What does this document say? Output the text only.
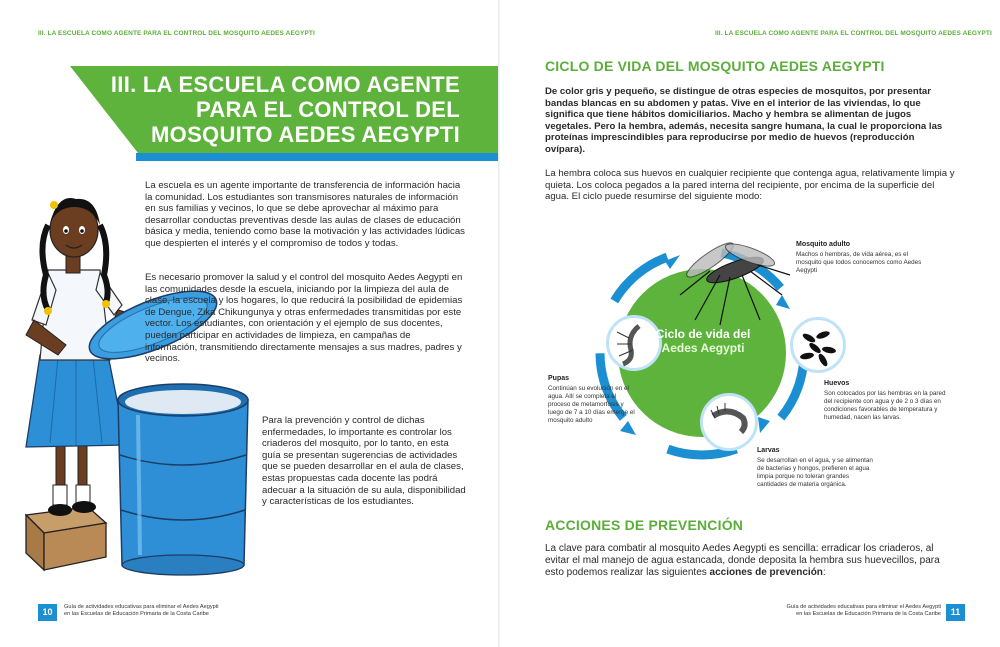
III. LA ESCUELA COMO AGENTE PARA EL CONTROL DEL MOSQUITO AEDES AEGYPTI
III. LA ESCUELA COMO AGENTE
PARA EL CONTROL DEL
MOSQUITO AEDES AEGYPTI
La escuela es un agente importante de transferencia de información hacia la comunidad. Los estudiantes son transmisores naturales de información en sus familias y vecinos, lo que se debe aprovechar al máximo para desarrollar conductas preventivas desde las aulas de clases de educación básica y media, teniendo como base la motivación y las actividades lúdicas que despierten el interés y el compromiso de todos y todas.
Es necesario promover la salud y el control del mosquito Aedes Aegypti en las comunidades desde la escuela, iniciando por la limpieza del aula de clase, la escuela y los hogares, lo que reducirá la posibilidad de epidemias de Dengue, Zika Chikungunya y otras enfermedades transmitidas por este vector. Los estudiantes, con orientación y el ejemplo de sus docentes, pueden participar en actividades de limpieza, en campañas de información, transmitiendo directamente mensajes a sus madres, padres y vecinos.
Para la prevención y control de dichas enfermedades, lo importante es controlar los criaderos del mosquito, por lo tanto, en esta guía se presentan sugerencias de actividades que se pueden desarrollar en el aula de clases, estas propuestas cada docente las podrá adecuar a la situación de su aula, disponibilidad y características de los estudiantes.
10	Guía de actividades educativas para eliminar el Aedes Aegypti
en las Escuelas de Educación Primaria de la Costa Caribe
III. LA ESCUELA COMO AGENTE PARA EL CONTROL DEL MOSQUITO AEDES AEGYPTI
CICLO DE VIDA DEL MOSQUITO AEDES AEGYPTI
De color gris y pequeño, se distingue de otras especies de mosquitos, por presentar bandas blancas en su abdomen y patas. Vive en el interior de las viviendas, lo que significa que tiene hábitos domiciliarios. Macho y hembra se alimentan de jugos vegetales. Pero la hembra, además, necesita sangre humana, la cual le proporciona las proteínas imprescindibles para reproducirse por medio de huevos (reproducción ovípara).
La hembra coloca sus huevos en cualquier recipiente que contenga agua, relativamente limpia y quieta. Los coloca pegados a la pared interna del recipiente, por encima de la superficie del agua. El ciclo puede resumirse del siguiente modo:
Ciclo de vida del
Aedes Aegypti
Mosquito adulto
Machos o hembras, de vida aérea, es el mosquito que todos conocemos como Aedes Aegypti
Huevos
Son colocados por las hembras en la pared del recipiente con agua y de 2 o 3 días en condiciones favorables de temperatura y humedad, nacen las larvas.
Larvas
Se desarrollan en el agua, y se alimentan de bacterias y hongos, prefieren el agua limpia porque no toleran grandes cantidades de materia orgánica.
Pupas
Continúan su evolución en el agua. Allí se completa el proceso de metamorfosis y luego de 7 a 10 días emerge el mosquito adulto
ACCIONES DE PREVENCIÓN
La clave para combatir al mosquito Aedes Aegypti es sencilla: erradicar los criaderos, al evitar el mal manejo de agua estancada, donde deposita la hembra sus huevecillos, para esto podemos realizar las siguientes acciones de prevención:
Guía de actividades educativas para eliminar el Aedes Aegypti
en las Escuelas de Educación Primaria de la Costa Caribe	11
